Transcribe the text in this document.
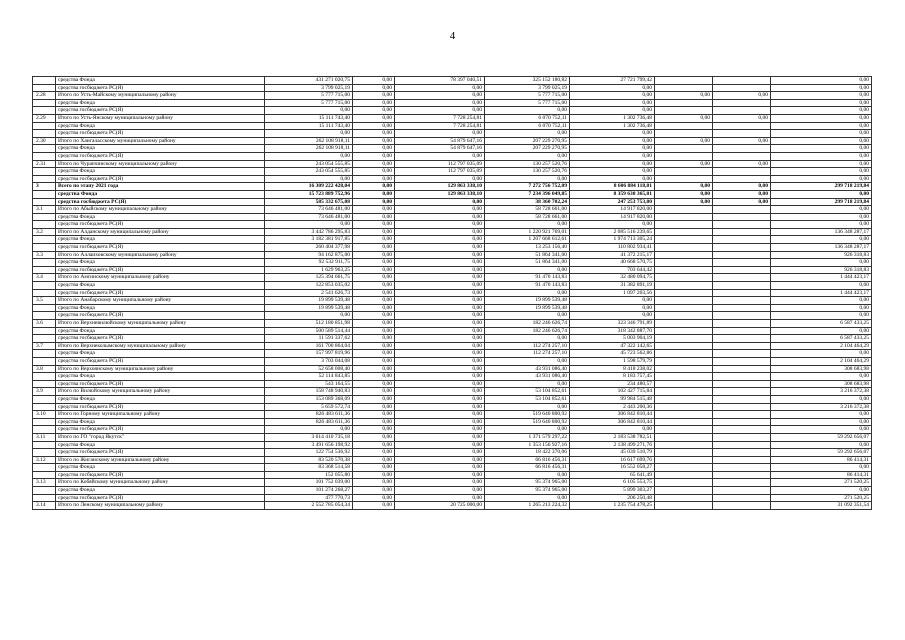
4
	средства Фонда	431 271 020,75	0,00	78 397 040,51	325 152 180,82	27 721 799,42			0,00
	средства госбюджета РС(Я)	3 799 025,19	0,00	0,00	3 799 025,19	0,00			0,00
2.28	Итого по Усть-Майскому муниципальному району	5 777 715,00	0,00	0,00	5 777 715,00	0,00	0,00	0,00	0,00
	средства Фонда	5 777 715,00	0,00	0,00	5 777 715,00	0,00			0,00
	средства госбюджета РС(Я)	0,00	0,00	0,00	0,00	0,00			0,00
2.29	Итого по Усть-Янскому муниципальному району	15 111 743,40	0,00	7 728 254,81	6 070 752,11	1 302 736,48	0,00	0,00	0,00
	средства Фонда	15 111 743,40	0,00	7 728 254,81	6 070 752,11	1 302 736,48			0,00
	средства госбюджета РС(Я)	0,00	0,00	0,00	0,00	0,00			0,00
2.30	Итого по Хангаласскому муниципальному району	262 108 918,11	0,00	54 879 647,16	207 229 270,95	0,00	0,00	0,00	0,00
	средства Фонда	262 108 918,11	0,00	54 879 647,16	207 229 270,95	0,00			0,00
	средства госбюджета РС(Я)	0,00	0,00	0,00	0,00	0,00			0,00
2.31	Итого по Чурапчинскому муниципальному району	243 054 555,85	0,00	112 797 035,09	130 257 520,76	0,00	0,00	0,00	0,00
	средства Фонда	243 054 555,85	0,00	112 797 035,09	130 257 520,76	0,00			0,00
	средства госбюджета РС(Я)	0,00	0,00	0,00	0,00	0,00			0,00
3	Всего по этапу 2021 года	16 309 222 428,04	0,00	129 863 338,10	7 272 756 752,09	8 606 884 118,01	0,00	0,00	299 718 219,84
	средства Фонда	15 723 889 752,96	0,00	129 863 338,10	7 234 396 049,85	8 359 630 365,01	0,00	0,00	0,00
	средства госбюджета РС(Я)	585 332 675,08	0,00	0,00	38 360 702,24	247 253 753,00	0,00	0,00	299 718 219,84
3.1	Итого по Абыйскому муниципальному району	73 646 481,00	0,00	0,00	58 728 661,00	14 917 820,00			0,00
	средства Фонда	73 646 481,00	0,00	0,00	58 728 661,00	14 917 820,00			0,00
	средства госбюджета РС(Я)	0,00	0,00	0,00	0,00	0,00			0,00
3.2	Итого по Алданскому муниципальному району	3 442 786 295,83	0,00	0,00	1 220 921 769,01	2 085 516 239,65			136 348 287,17
	средства Фонда	3 182 381 917,85	0,00	0,00	1 207 668 612,61	1 974 713 305,24			0,00
	средства госбюджета РС(Я)	260 404 377,98	0,00	0,00	13 253 156,40	110 802 934,41			136 348 287,17
3.3	Итого по Аллаиховскому муниципальному району	94 162 875,00	0,00	0,00	51 864 341,00	41 372 215,17			926 318,83
	средства Фонда	92 532 911,75	0,00	0,00	51 864 341,00	40 668 570,75			0,00
	средства госбюджета РС(Я)	1 629 963,25	0,00	0,00	0,00	703 644,42			926 318,83
3.4	Итого по Амгинскому муниципальному району	125 394 661,75	0,00	0,00	91 470 143,83	32 480 094,75			1 444 423,17
	средства Фонда	122 853 035,02	0,00	0,00	91 470 143,83	31 382 891,19			0,00
	средства госбюджета РС(Я)	2 541 626,73	0,00	0,00	0,00	1 097 203,56			1 444 423,17
3.5	Итого по Анабарскому муниципальному району	19 899 539,48	0,00	0,00	19 899 539,48	0,00			0,00
	средства Фонда	19 899 539,48	0,00	0,00	19 899 539,48	0,00			0,00
	средства госбюджета РС(Я)	0,00	0,00	0,00	0,00	0,00			0,00
3.6	Итого по Верхневилюйскому муниципальному району	512 180 851,98	0,00	0,00	182 246 626,74	323 346 791,89			6 587 433,25
	средства Фонда	500 589 514,44	0,00	0,00	182 246 626,74	318 342 887,70			0,00
	средства госбюджета РС(Я)	11 591 337,62	0,00	0,00	0,00	5 003 904,19			6 587 433,25
3.7	Итого по Верхнеколымскому муниципальному району	161 700 864,04	0,00	0,00	112 274 257,10	47 322 142,65			2 104 464,29
	средства Фонда	157 997 819,96	0,00	0,00	112 274 257,10	45 723 562,86			0,00
	средства госбюджета РС(Я)	3 703 044,08	0,00	0,00	0,00	1 598 579,79			2 104 464,29
3.8	Итого по Верхоянскому муниципальному району	52 658 008,40	0,00	0,00	43 931 086,40	8 418 238,02			308 683,98
	средства Фонда	52 114 843,85	0,00	0,00	43 931 086,40	8 183 757,45			0,00
	средства госбюджета РС(Я)	543 164,55	0,00	0,00	0,00	234 480,57			308 683,98
3.9	Итого по Вилюйскому муниципальному району	158 748 940,83	0,00	0,00	53 104 852,61	102 427 715,84			3 216 372,38
	средства Фонда	153 089 368,09	0,00	0,00	53 104 852,61	99 984 515,48			0,00
	средства госбюджета РС(Я)	5 659 572,74	0,00	0,00	0,00	2 443 200,36			3 216 372,38
3.10	Итого по Горному муниципальному району	826 483 611,36	0,00	0,00	519 640 800,92	306 842 810,44			0,00
	средства Фонда	826 483 611,36	0,00	0,00	519 640 800,92	306 842 810,44			0,00
	средства госбюджета РС(Я)	0,00	0,00	0,00	0,00	0,00			0,00
3.11	Итого по ГО "город Якутск"	3 614 410 735,18	0,00	0,00	1 371 579 297,22	2 183 538 782,51			59 292 656,07
	средства Фонда	3 491 656 198,92	0,00	0,00	1 353 156 927,16	2 138 499 271,76			0,00
	средства госбюджета РС(Я)	122 754 536,92	0,00	0,00	18 422 370,06	45 039 510,79			59 292 656,07
3.12	Итого по Жиганскому муниципальному району	83 520 570,38	0,00	0,00	66 816 456,31	16 617 699,76			86 414,31
	средства Фонда	83 368 514,58	0,00	0,00	66 816 456,31	16 552 058,27			0,00
	средства госбюджета РС(Я)	152 055,80	0,00	0,00	0,00	65 641,49			86 414,31
3.13	Итого по Кобяйскому муниципальному району	101 752 039,00	0,00	0,00	95 374 965,00	6 105 553,75			271 520,25
	средства Фонда	101 274 268,27	0,00	0,00	95 374 965,00	5 899 303,27			0,00
	средства госбюджета РС(Я)	477 770,73	0,00	0,00	0,00	206 250,48			271 520,25
3.14	Итого по Ленскому муниципальному району	2 552 785 054,34	0,00	20 725 000,00	1 265 213 224,32	1 235 754 478,25			31 092 351,54
